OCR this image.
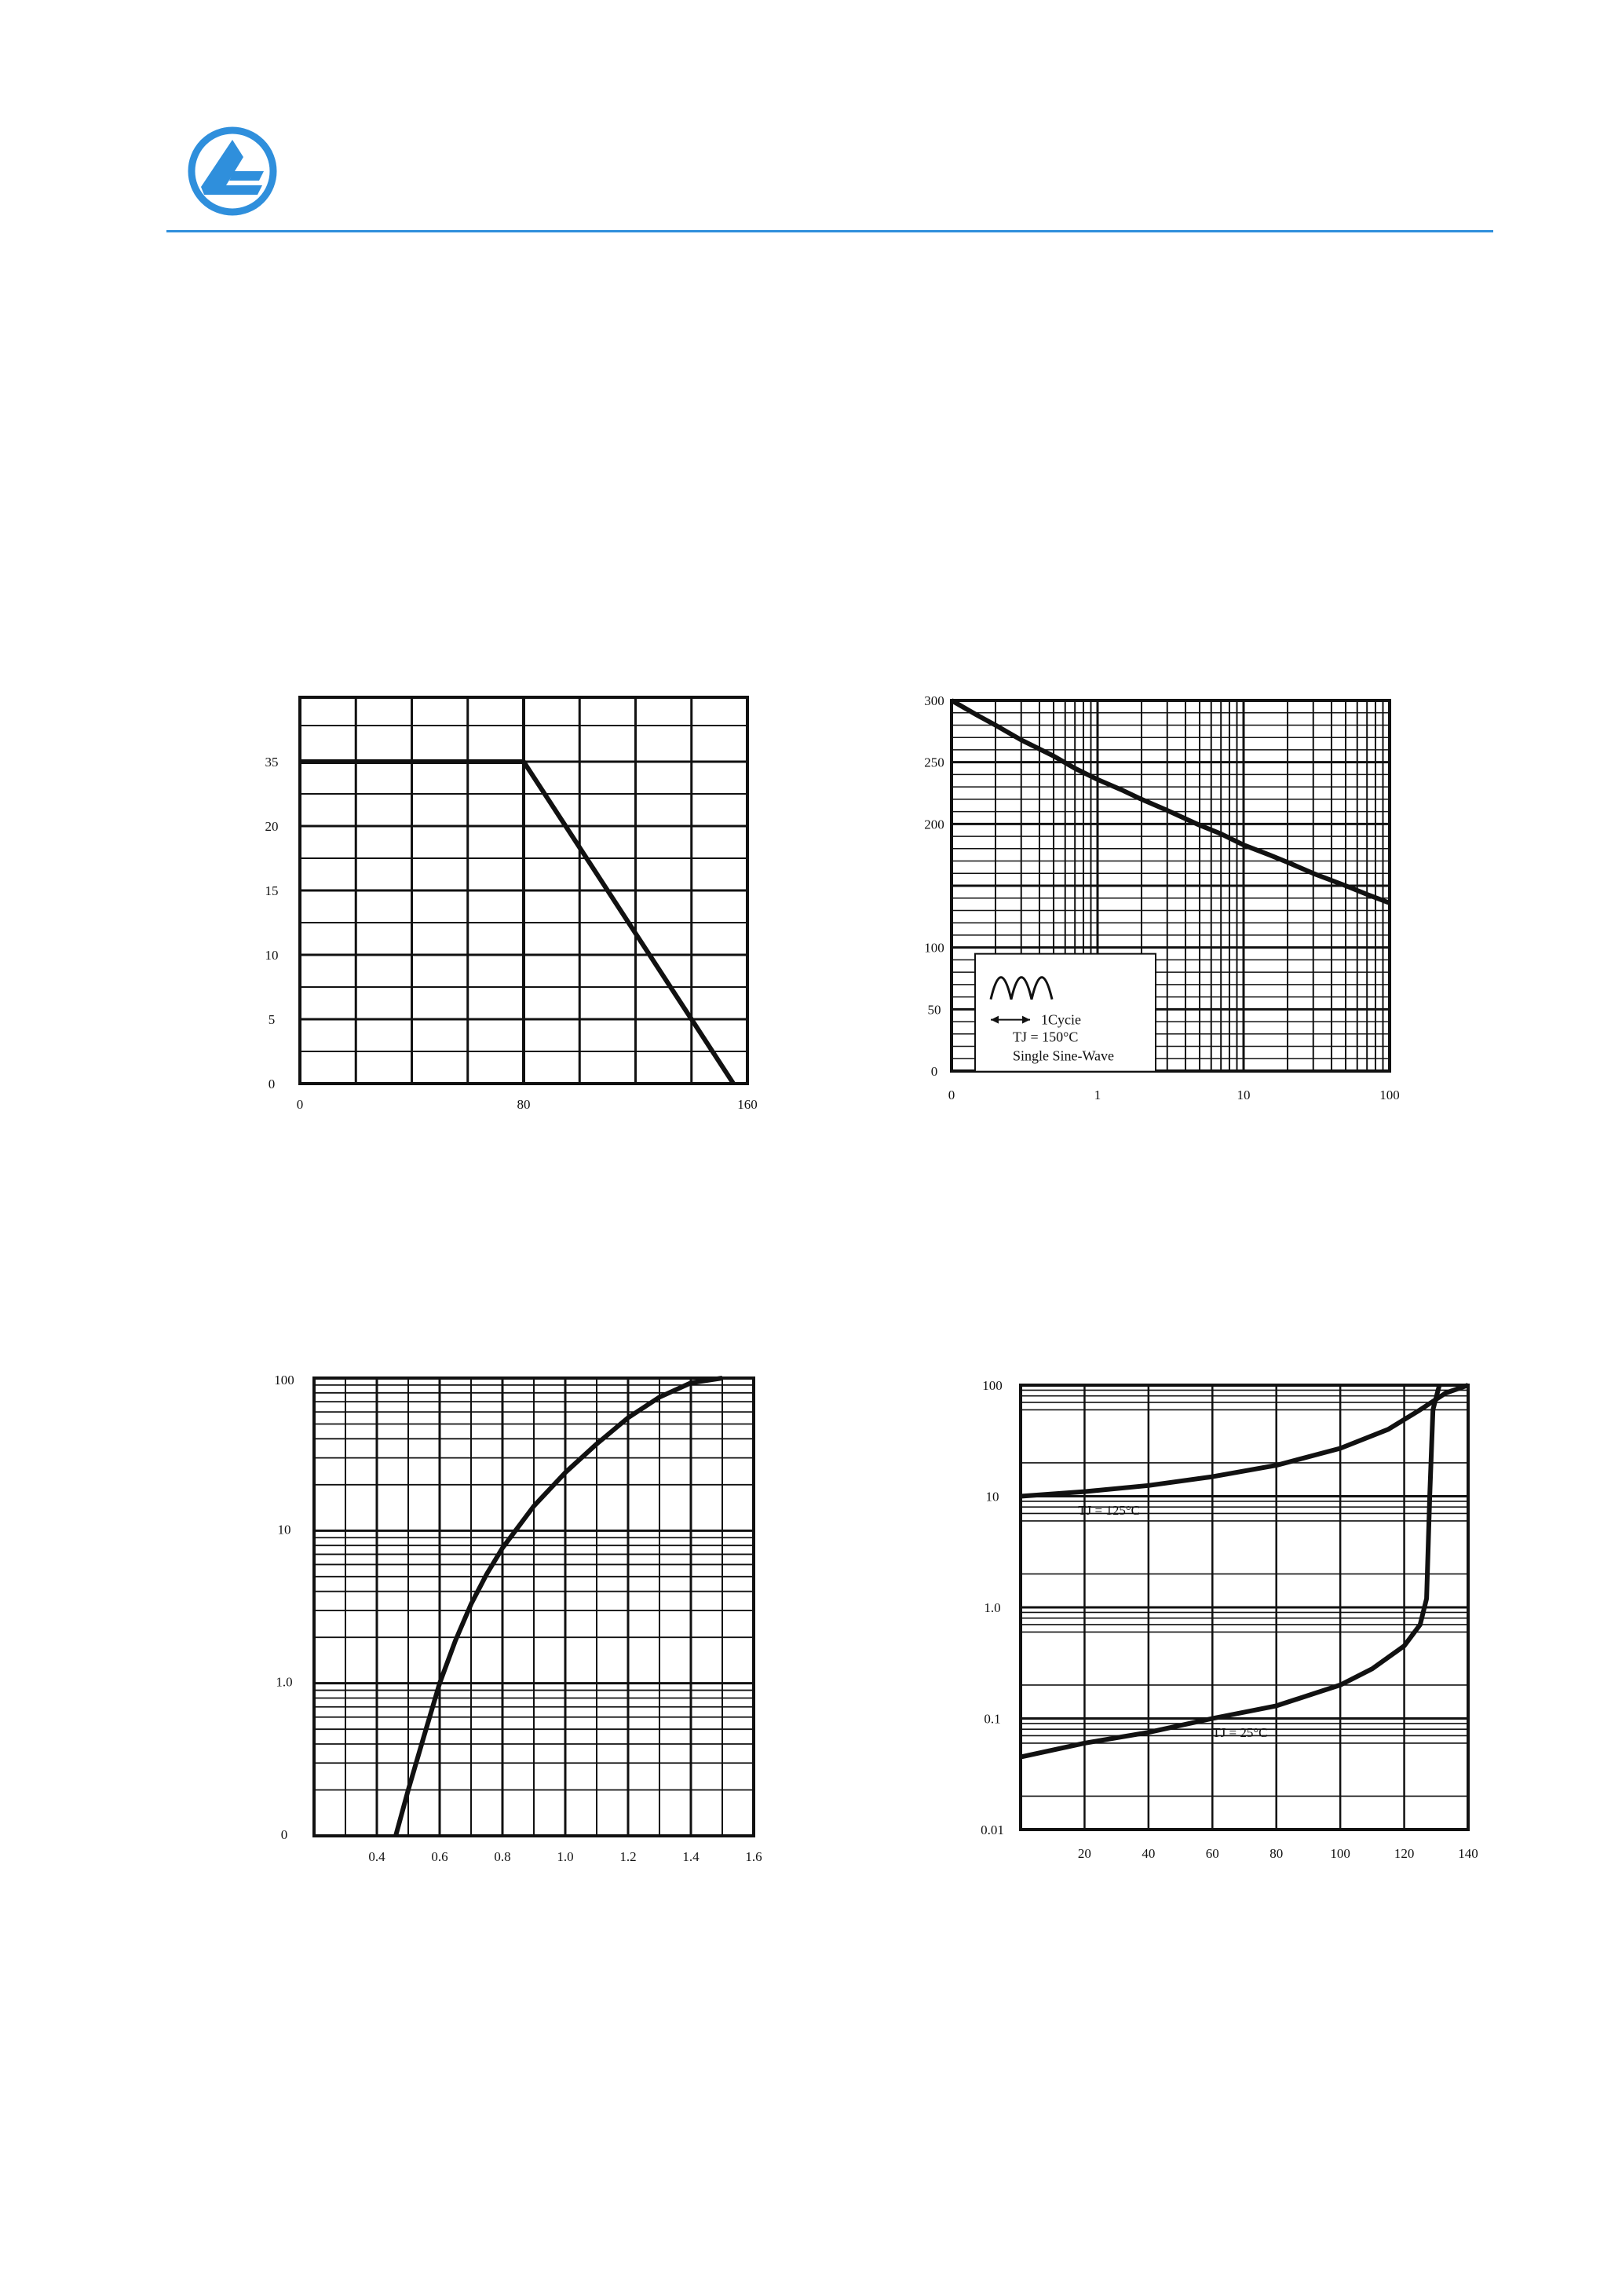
0
5
10
15
20
35
0	80	160
0
50
100
200
250
300
0	1	10	100
1Cycie
TJ = 150°C
Single Sine-Wave
0
1.0
10
100
0.4	0.6	0.8	1.0	1.2	1.4	1.6
0.01
0.1
1.0
10
100
20	40	60	80	100	120	140
TJ = 125°C
TJ = 25°C
